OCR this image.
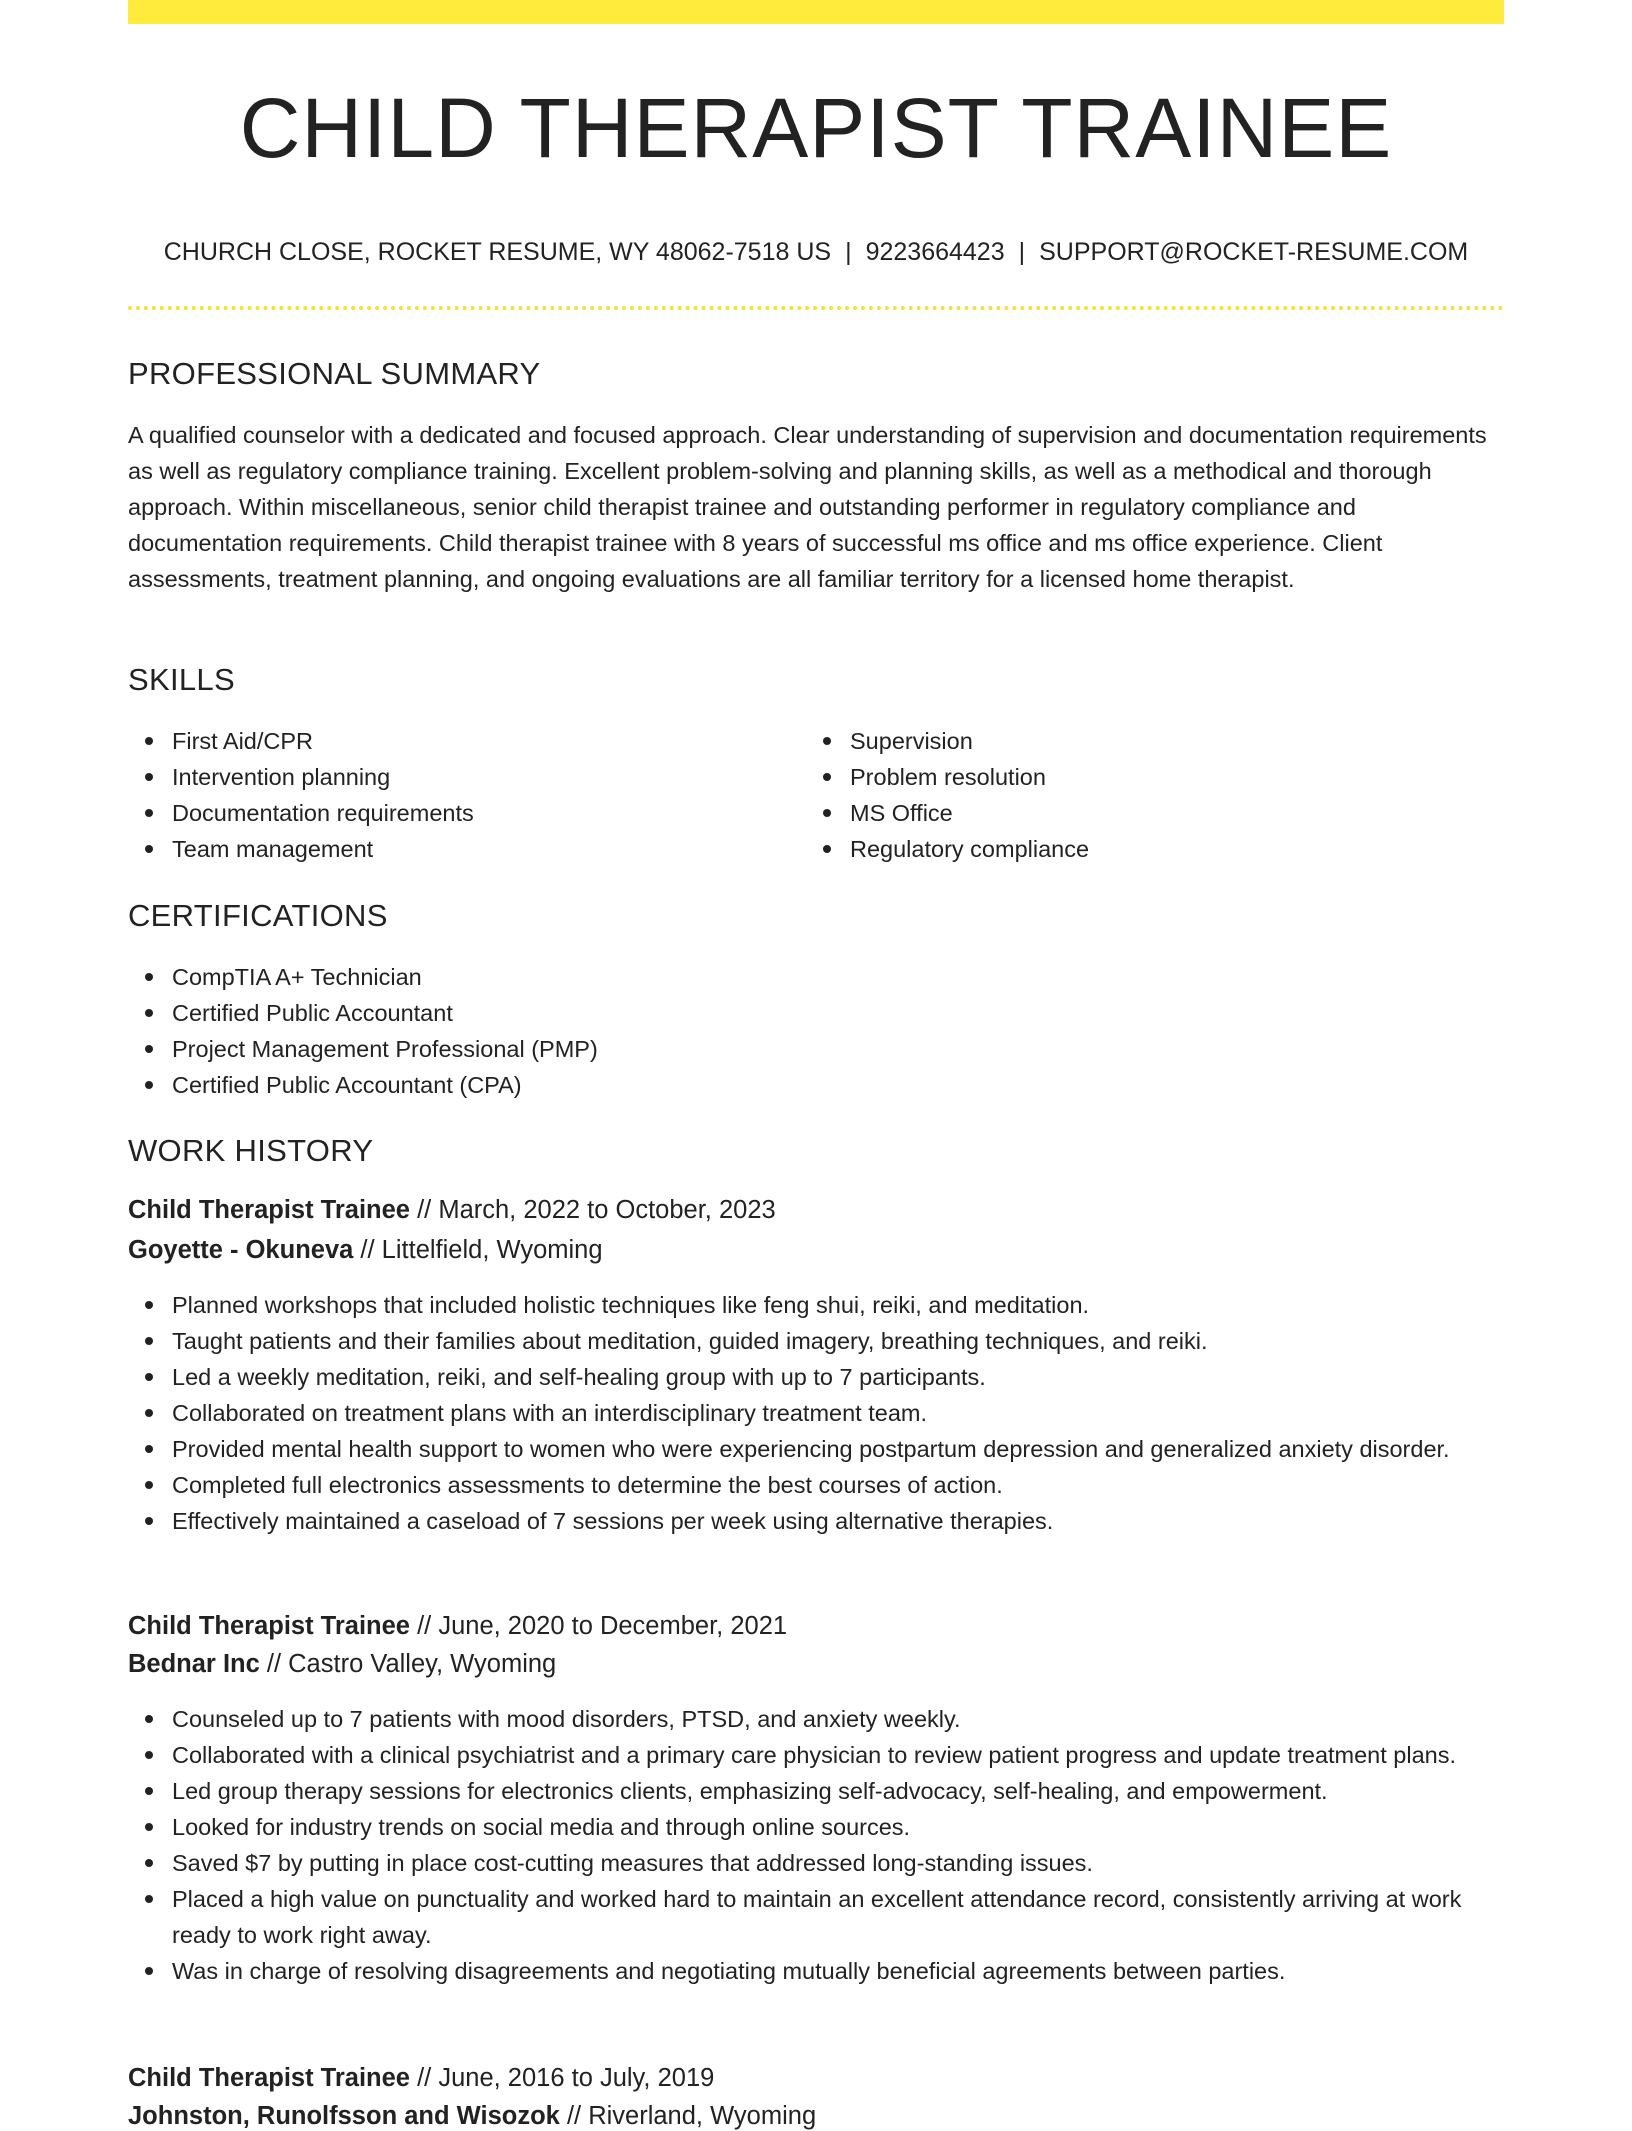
CHILD THERAPIST TRAINEE
CHURCH CLOSE, ROCKET RESUME, WY 48062-7518 US | 9223664423 | SUPPORT@ROCKET-RESUME.COM
PROFESSIONAL SUMMARY

A qualified counselor with a dedicated and focused approach. Clear understanding of supervision and documentation requirements as well as regulatory compliance training. Excellent problem-solving and planning skills, as well as a methodical and thorough approach. Within miscellaneous, senior child therapist trainee and outstanding performer in regulatory compliance and documentation requirements. Child therapist trainee with 8 years of successful ms office and ms office experience. Client assessments, treatment planning, and ongoing evaluations are all familiar territory for a licensed home therapist.

SKILLS
First Aid/CPR
Intervention planning
Documentation requirements
Team management
Supervision
Problem resolution
MS Office
Regulatory compliance
CERTIFICATIONS
CompTIA A+ Technician
Certified Public Accountant
Project Management Professional (PMP)
Certified Public Accountant (CPA)
WORK HISTORY
Child Therapist Trainee // March, 2022 to October, 2023
Goyette - Okuneva // Littelfield, Wyoming
Planned workshops that included holistic techniques like feng shui, reiki, and meditation.
Taught patients and their families about meditation, guided imagery, breathing techniques, and reiki.
Led a weekly meditation, reiki, and self-healing group with up to 7 participants.
Collaborated on treatment plans with an interdisciplinary treatment team.
Provided mental health support to women who were experiencing postpartum depression and generalized anxiety disorder.
Completed full electronics assessments to determine the best courses of action.
Effectively maintained a caseload of 7 sessions per week using alternative therapies.
Child Therapist Trainee // June, 2020 to December, 2021
Bednar Inc // Castro Valley, Wyoming
Counseled up to 7 patients with mood disorders, PTSD, and anxiety weekly.
Collaborated with a clinical psychiatrist and a primary care physician to review patient progress and update treatment plans.
Led group therapy sessions for electronics clients, emphasizing self-advocacy, self-healing, and empowerment.
Looked for industry trends on social media and through online sources.
Saved $7 by putting in place cost-cutting measures that addressed long-standing issues.
Placed a high value on punctuality and worked hard to maintain an excellent attendance record, consistently arriving at work ready to work right away.
Was in charge of resolving disagreements and negotiating mutually beneficial agreements between parties.
Child Therapist Trainee // June, 2016 to July, 2019
Johnston, Runolfsson and Wisozok // Riverland, Wyoming
